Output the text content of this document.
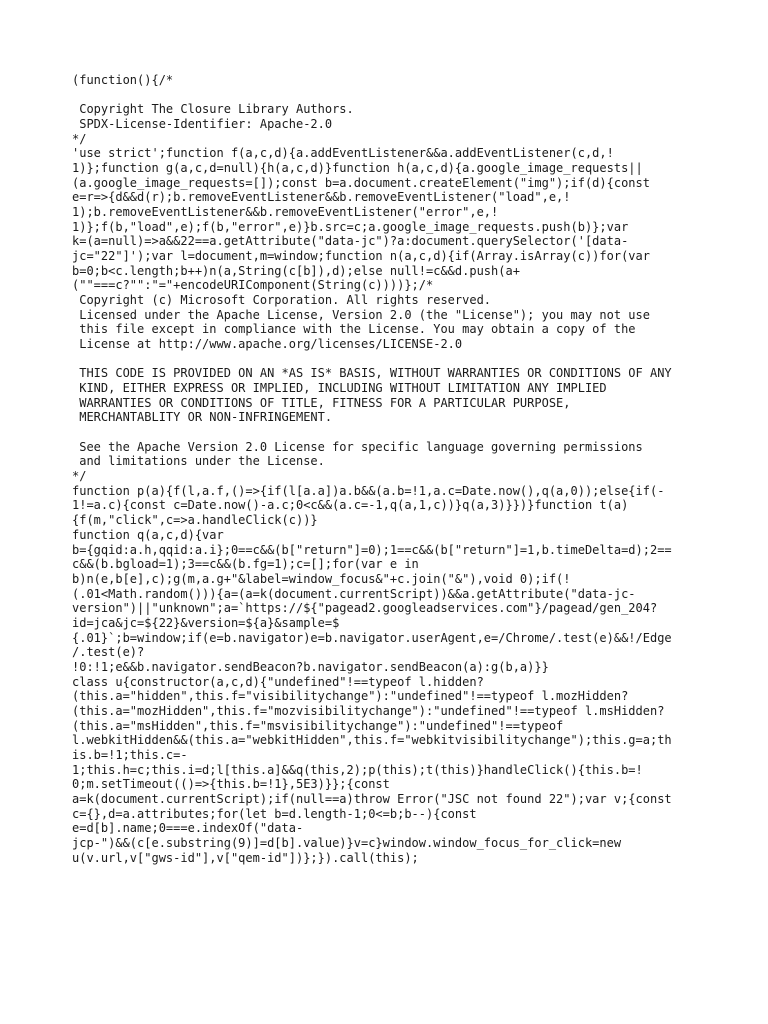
(function(){/*
Copyright The Closure Library Authors.
SPDX-License-Identifier: Apache-2.0
*/
'use strict';function f(a,c,d){a.addEventListener&&a.addEventListener(c,d,!
1)};function g(a,c,d=null){h(a,c,d)}function h(a,c,d){a.google_image_requests||
(a.google_image_requests=[]);const b=a.document.createElement("img");if(d){const
e=r=>{d&&d(r);b.removeEventListener&&b.removeEventListener("load",e,!
1);b.removeEventListener&&b.removeEventListener("error",e,!
1)};f(b,"load",e);f(b,"error",e)}b.src=c;a.google_image_requests.push(b)};var
k=(a=null)=>a&&22==a.getAttribute("data-jc")?a:document.querySelector('[data-
jc="22"]');var l=document,m=window;function n(a,c,d){if(Array.isArray(c))for(var
b=0;b<c.length;b++)n(a,String(c[b]),d);else null!=c&&d.push(a+
(""===c?"":"="+encodeURIComponent(String(c))))};/*
Copyright (c) Microsoft Corporation. All rights reserved.
Licensed under the Apache License, Version 2.0 (the "License"); you may not use
this file except in compliance with the License. You may obtain a copy of the
License at http://www.apache.org/licenses/LICENSE-2.0
THIS CODE IS PROVIDED ON AN *AS IS* BASIS, WITHOUT WARRANTIES OR CONDITIONS OF ANY
KIND, EITHER EXPRESS OR IMPLIED, INCLUDING WITHOUT LIMITATION ANY IMPLIED
WARRANTIES OR CONDITIONS OF TITLE, FITNESS FOR A PARTICULAR PURPOSE,
MERCHANTABLITY OR NON-INFRINGEMENT.
See the Apache Version 2.0 License for specific language governing permissions
and limitations under the License.
*/
function p(a){f(l,a.f,()=>{if(l[a.a])a.b&&(a.b=!1,a.c=Date.now(),q(a,0));else{if(-
1!=a.c){const c=Date.now()-a.c;0<c&&(a.c=-1,q(a,1,c))}q(a,3)}})}function t(a)
{f(m,"click",c=>a.handleClick(c))}
function q(a,c,d){var
b={gqid:a.h,qqid:a.i};0==c&&(b["return"]=0);1==c&&(b["return"]=1,b.timeDelta=d);2==
c&&(b.bgload=1);3==c&&(b.fg=1);c=[];for(var e in
b)n(e,b[e],c);g(m,a.g+"&label=window_focus&"+c.join("&"),void 0);if(!
(.01<Math.random())){a=(a=k(document.currentScript))&&a.getAttribute("data-jc-
version")||"unknown";a=`https://${"pagead2.googleadservices.com"}/pagead/gen_204?
id=jca&jc=${22}&version=${a}&sample=$
{.01}`;b=window;if(e=b.navigator)e=b.navigator.userAgent,e=/Chrome/.test(e)&&!/Edge
/.test(e)?
!0:!1;e&&b.navigator.sendBeacon?b.navigator.sendBeacon(a):g(b,a)}}
class u{constructor(a,c,d){"undefined"!==typeof l.hidden?
(this.a="hidden",this.f="visibilitychange"):"undefined"!==typeof l.mozHidden?
(this.a="mozHidden",this.f="mozvisibilitychange"):"undefined"!==typeof l.msHidden?
(this.a="msHidden",this.f="msvisibilitychange"):"undefined"!==typeof
l.webkitHidden&&(this.a="webkitHidden",this.f="webkitvisibilitychange");this.g=a;th
is.b=!1;this.c=-
1;this.h=c;this.i=d;l[this.a]&&q(this,2);p(this);t(this)}handleClick(){this.b=!
0;m.setTimeout(()=>{this.b=!1},5E3)}};{const
a=k(document.currentScript);if(null==a)throw Error("JSC not found 22");var v;{const
c={},d=a.attributes;for(let b=d.length-1;0<=b;b--){const
e=d[b].name;0===e.indexOf("data-
jcp-")&&(c[e.substring(9)]=d[b].value)}v=c}window.window_focus_for_click=new
u(v.url,v["gws-id"],v["qem-id"])};}).call(this);
